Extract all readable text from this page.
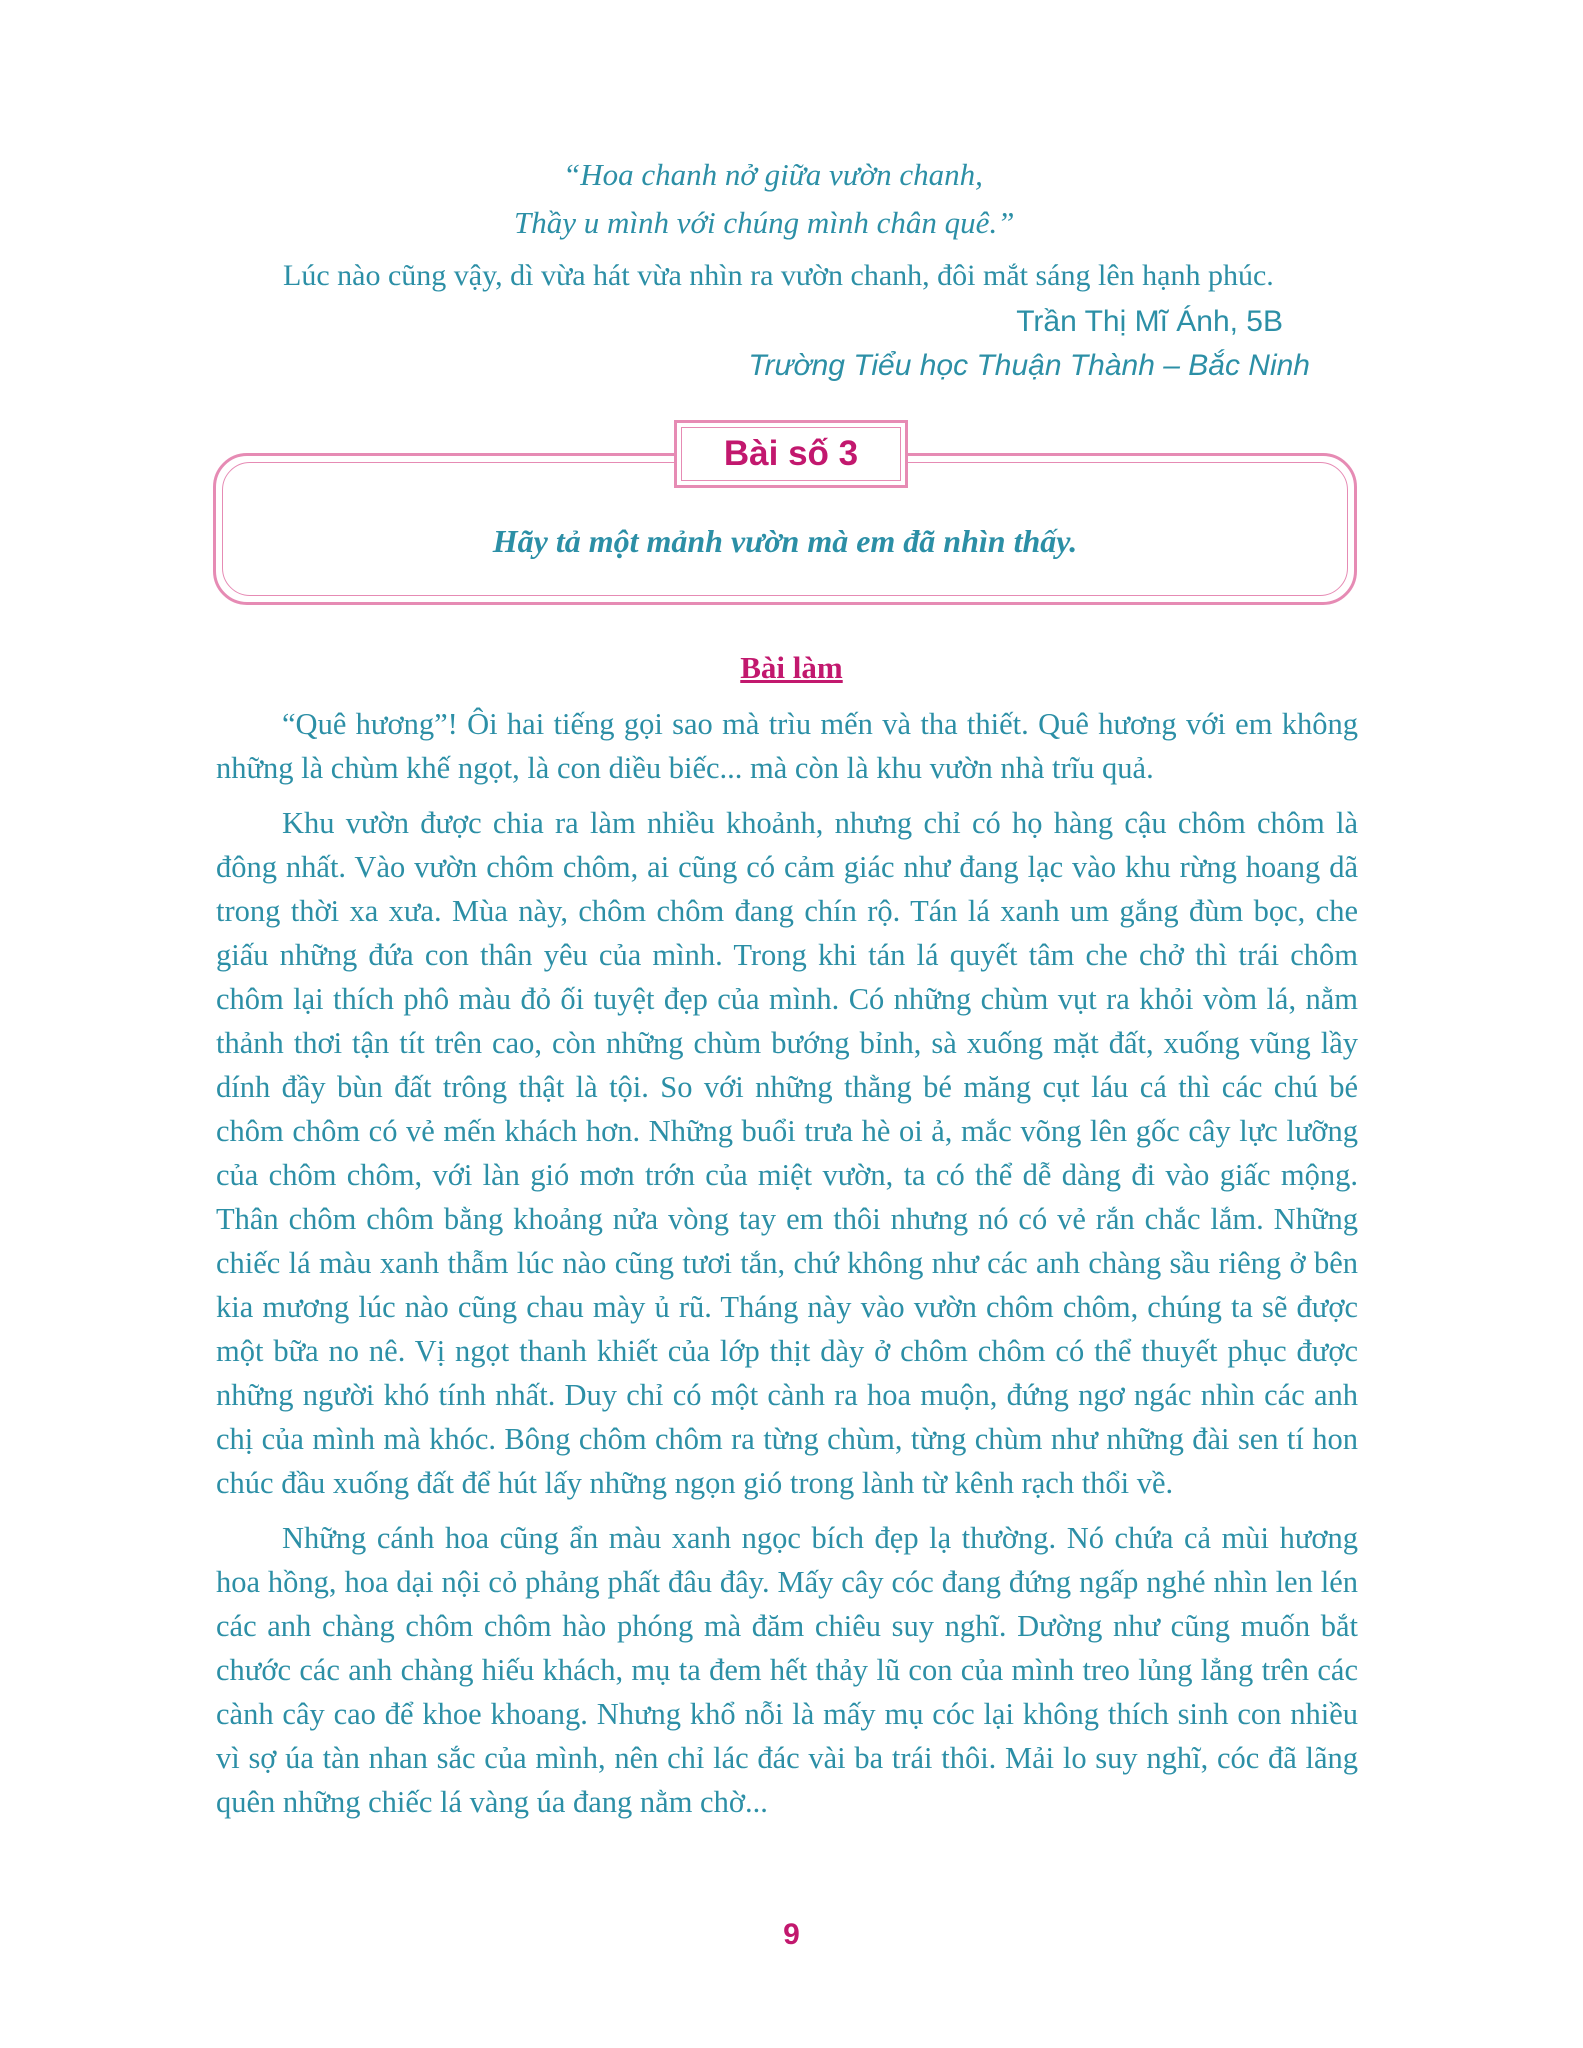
“Hoa chanh nở giữa vườn chanh,
Thầy u mình với chúng mình chân quê.”
Lúc nào cũng vậy, dì vừa hát vừa nhìn ra vườn chanh, đôi mắt sáng lên hạnh phúc.
Trần Thị Mĩ Ánh, 5B
Trường Tiểu học Thuận Thành – Bắc Ninh
Bài số 3
Hãy tả một mảnh vườn mà em đã nhìn thấy.
Bài làm

“Quê hương”! Ôi hai tiếng gọi sao mà trìu mến và tha thiết. Quê hương với em không những là chùm khế ngọt, là con diều biếc... mà còn là khu vườn nhà trĩu quả.

Khu vườn được chia ra làm nhiều khoảnh, nhưng chỉ có họ hàng cậu chôm chôm là đông nhất. Vào vườn chôm chôm, ai cũng có cảm giác như đang lạc vào khu rừng hoang dã trong thời xa xưa. Mùa này, chôm chôm đang chín rộ. Tán lá xanh um gắng đùm bọc, che giấu những đứa con thân yêu của mình. Trong khi tán lá quyết tâm che chở thì trái chôm chôm lại thích phô màu đỏ ối tuyệt đẹp của mình. Có những chùm vụt ra khỏi vòm lá, nằm thảnh thơi tận tít trên cao, còn những chùm bướng bỉnh, sà xuống mặt đất, xuống vũng lầy dính đầy bùn đất trông thật là tội. So với những thằng bé măng cụt láu cá thì các chú bé chôm chôm có vẻ mến khách hơn. Những buổi trưa hè oi ả, mắc võng lên gốc cây lực lưỡng của chôm chôm, với làn gió mơn trớn của miệt vườn, ta có thể dễ dàng đi vào giấc mộng. Thân chôm chôm bằng khoảng nửa vòng tay em thôi nhưng nó có vẻ rắn chắc lắm. Những chiếc lá màu xanh thẫm lúc nào cũng tươi tắn, chứ không như các anh chàng sầu riêng ở bên kia mương lúc nào cũng chau mày ủ rũ. Tháng này vào vườn chôm chôm, chúng ta sẽ được một bữa no nê. Vị ngọt thanh khiết của lớp thịt dày ở chôm chôm có thể thuyết phục được những người khó tính nhất. Duy chỉ có một cành ra hoa muộn, đứng ngơ ngác nhìn các anh chị của mình mà khóc. Bông chôm chôm ra từng chùm, từng chùm như những đài sen tí hon chúc đầu xuống đất để hút lấy những ngọn gió trong lành từ kênh rạch thổi về.

Những cánh hoa cũng ẩn màu xanh ngọc bích đẹp lạ thường. Nó chứa cả mùi hương hoa hồng, hoa dại nội cỏ phảng phất đâu đây. Mấy cây cóc đang đứng ngấp nghé nhìn len lén các anh chàng chôm chôm hào phóng mà đăm chiêu suy nghĩ. Dường như cũng muốn bắt chước các anh chàng hiếu khách, mụ ta đem hết thảy lũ con của mình treo lủng lẳng trên các cành cây cao để khoe khoang. Nhưng khổ nỗi là mấy mụ cóc lại không thích sinh con nhiều vì sợ úa tàn nhan sắc của mình, nên chỉ lác đác vài ba trái thôi. Mải lo suy nghĩ, cóc đã lãng quên những chiếc lá vàng úa đang nằm chờ...

9
